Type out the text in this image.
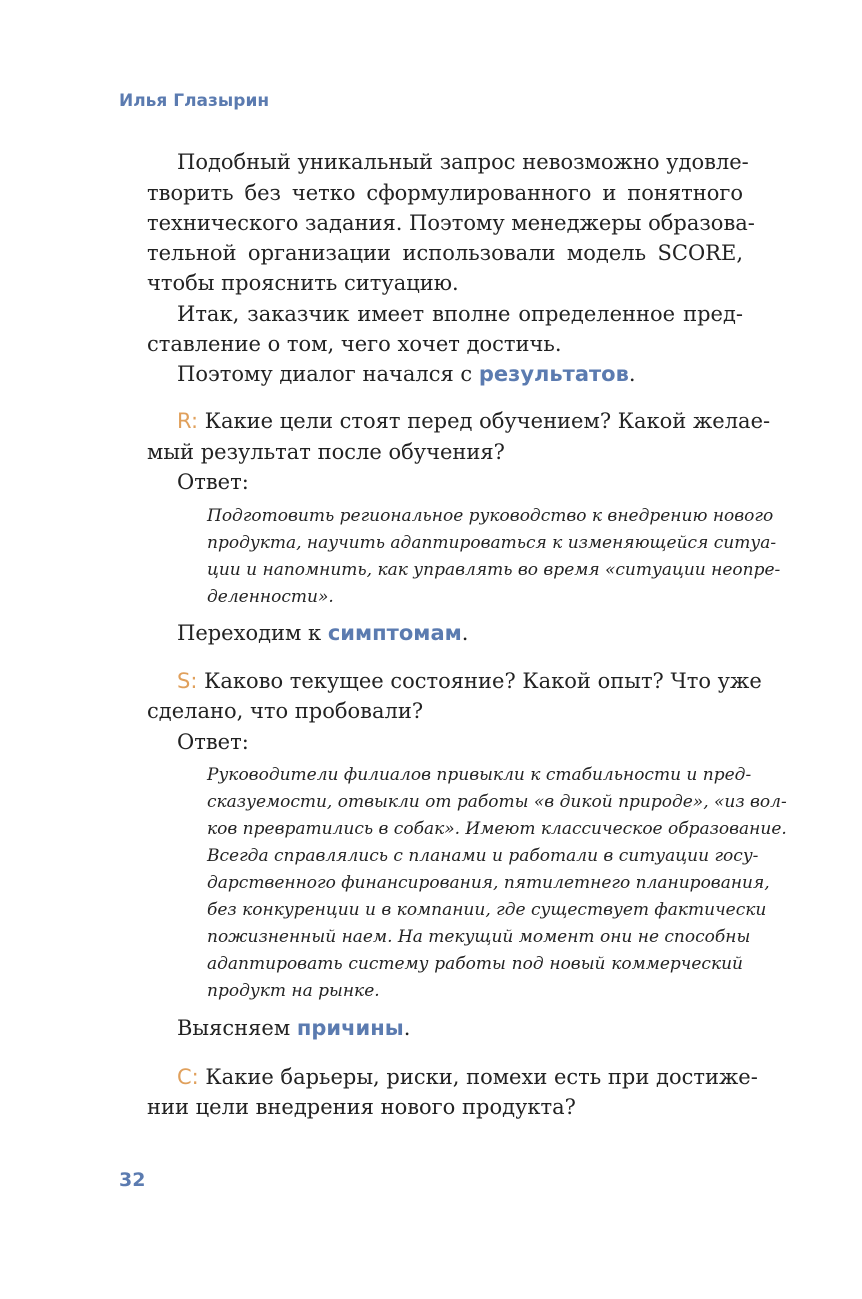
Илья Глазырин
Подобный уникальный запрос невозможно удовле-
творить без четко сформулированного и понятного
технического задания. Поэтому менеджеры образова-
тельной организации использовали модель SCORE,
чтобы прояснить ситуацию.
Итак, заказчик имеет вполне определенное пред-
ставление о том, чего хочет достичь.
Поэтому диалог начался с результатов.
R: Какие цели стоят перед обучением? Какой желае-
мый результат после обучения?
Ответ:
Подготовить региональное руководство к внедрению нового
продукта, научить адаптироваться к изменяющейся ситуа-
ции и напомнить, как управлять во время «ситуации неопре-
деленности».
Переходим к симптомам.
S: Каково текущее состояние? Какой опыт? Что уже
сделано, что пробовали?
Ответ:
Руководители филиалов привыкли к стабильности и пред-
сказуемости, отвыкли от работы «в дикой природе», «из вол-
ков превратились в собак». Имеют классическое образование.
Всегда справлялись с планами и работали в ситуации госу-
дарственного финансирования, пятилетнего планирования,
без конкуренции и в компании, где существует фактически
пожизненный наем. На текущий момент они не способны
адаптировать систему работы под новый коммерческий
продукт на рынке.
Выясняем причины.
C: Какие барьеры, риски, помехи есть при достиже-
нии цели внедрения нового продукта?
32
